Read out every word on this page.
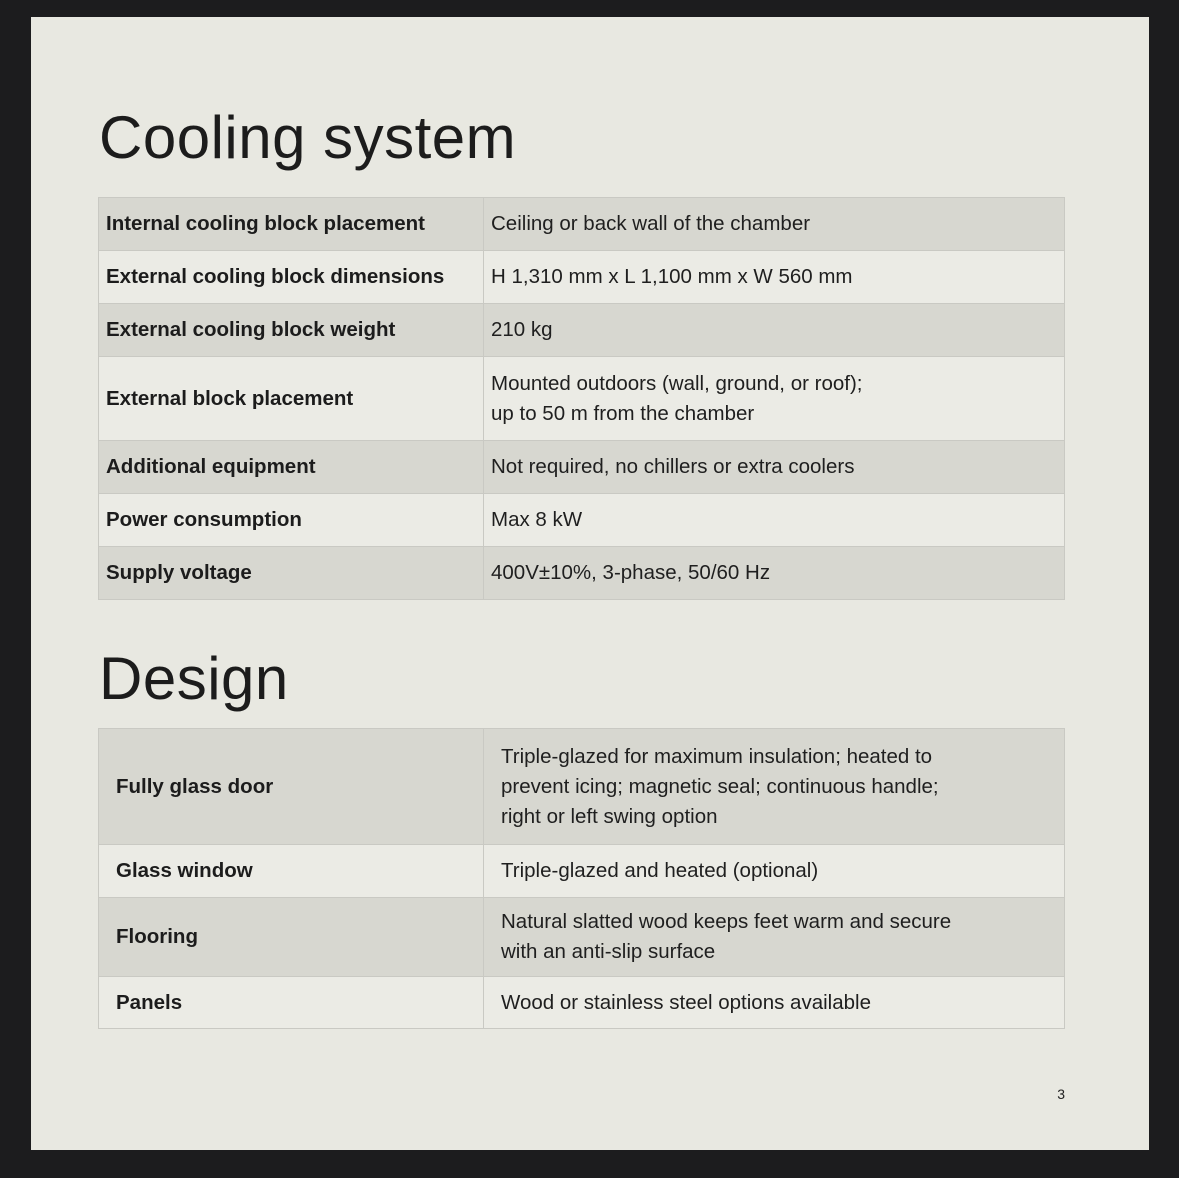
Cooling system
Internal cooling block placement	Ceiling or back wall of the chamber

External cooling block dimensions	H 1,310 mm x L 1,100 mm x W 560 mm

External cooling block weight	210 kg

External block placement	Mounted outdoors (wall, ground, or roof);
up to 50 m from the chamber

Additional equipment	Not required, no chillers or extra coolers

Power consumption	Max 8 kW

Supply voltage	400V±10%, 3-phase, 50/60 Hz
Design
Fully glass door	Triple-glazed for maximum insulation; heated to
prevent icing; magnetic seal; continuous handle;
right or left swing option

Glass window	Triple-glazed and heated (optional)

Flooring	Natural slatted wood keeps feet warm and secure
with an anti-slip surface

Panels	Wood or stainless steel options available
3
